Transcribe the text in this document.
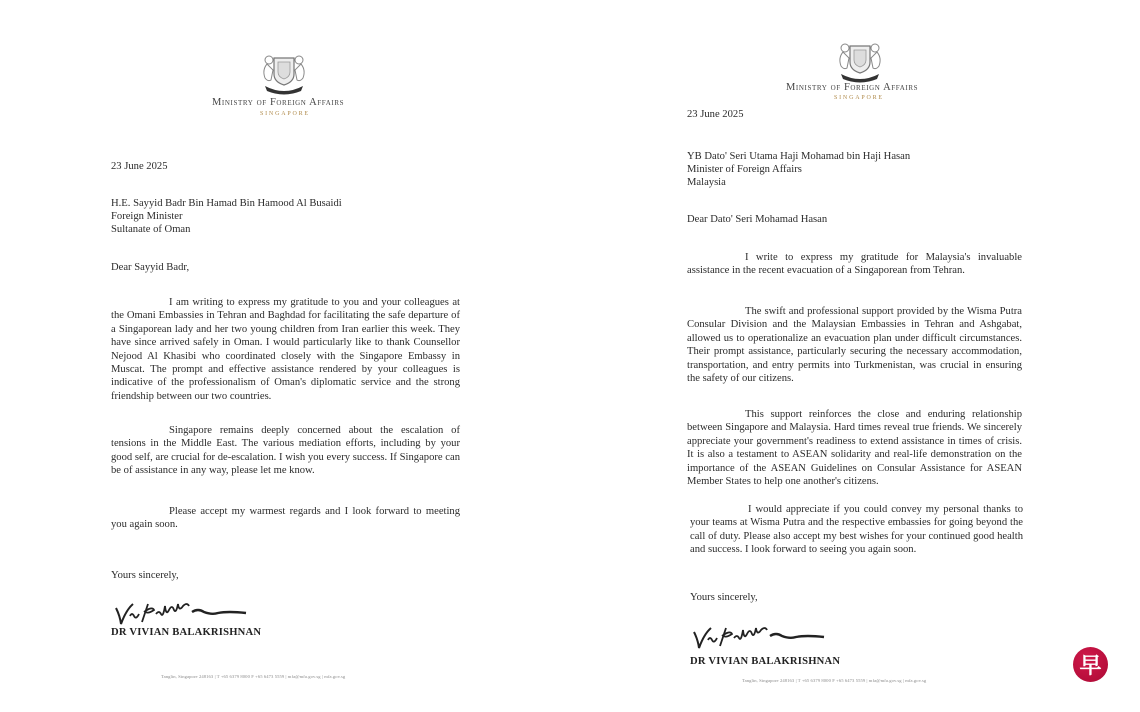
Ministry of Foreign Affairs
SINGAPORE
23 June 2025
H.E. Sayyid Badr Bin Hamad Bin Hamood Al Busaidi
Foreign Minister
Sultanate of Oman
Dear Sayyid Badr,
I am writing to express my gratitude to you and your colleagues at the Omani Embassies in Tehran and Baghdad for facilitating the safe departure of a Singaporean lady and her two young children from Iran earlier this week. They have since arrived safely in Oman. I would particularly like to thank Counsellor Nejood Al Khasibi who coordinated closely with the Singapore Embassy in Muscat. The prompt and effective assistance rendered by your colleagues is indicative of the professionalism of Oman's diplomatic service and the strong friendship between our two countries.
Singapore remains deeply concerned about the escalation of tensions in the Middle East. The various mediation efforts, including by your good self, are crucial for de-escalation. I wish you every success. If Singapore can be of assistance in any way, please let me know.
Please accept my warmest regards and I look forward to meeting you again soon.
Yours sincerely,
DR VIVIAN BALAKRISHNAN
Tanglin, Singapore 248163 | T +65 6379 8000 F +65 6473 5559 | mfa@mfa.gov.sg | mfa.gov.sg
Ministry of Foreign Affairs
SINGAPORE
23 June 2025
YB Dato' Seri Utama Haji Mohamad bin Haji Hasan
Minister of Foreign Affairs
Malaysia
Dear Dato' Seri Mohamad Hasan
I write to express my gratitude for Malaysia's invaluable assistance in the recent evacuation of a Singaporean from Tehran.
The swift and professional support provided by the Wisma Putra Consular Division and the Malaysian Embassies in Tehran and Ashgabat, allowed us to operationalize an evacuation plan under difficult circumstances. Their prompt assistance, particularly securing the necessary accommodation, transportation, and entry permits into Turkmenistan, was crucial in ensuring the safety of our citizens.
This support reinforces the close and enduring relationship between Singapore and Malaysia. Hard times reveal true friends. We sincerely appreciate your government's readiness to extend assistance in times of crisis. It is also a testament to ASEAN solidarity and real-life demonstration on the importance of the ASEAN Guidelines on Consular Assistance for ASEAN Member States to help one another's citizens.
I would appreciate if you could convey my personal thanks to your teams at Wisma Putra and the respective embassies for going beyond the call of duty. Please also accept my best wishes for your continued good health and success. I look forward to seeing you again soon.
Yours sincerely,
DR VIVIAN BALAKRISHNAN
Tanglin, Singapore 248163 | T +65 6379 8000 F +65 6473 5559 | mfa@mfa.gov.sg | mfa.gov.sg
早
